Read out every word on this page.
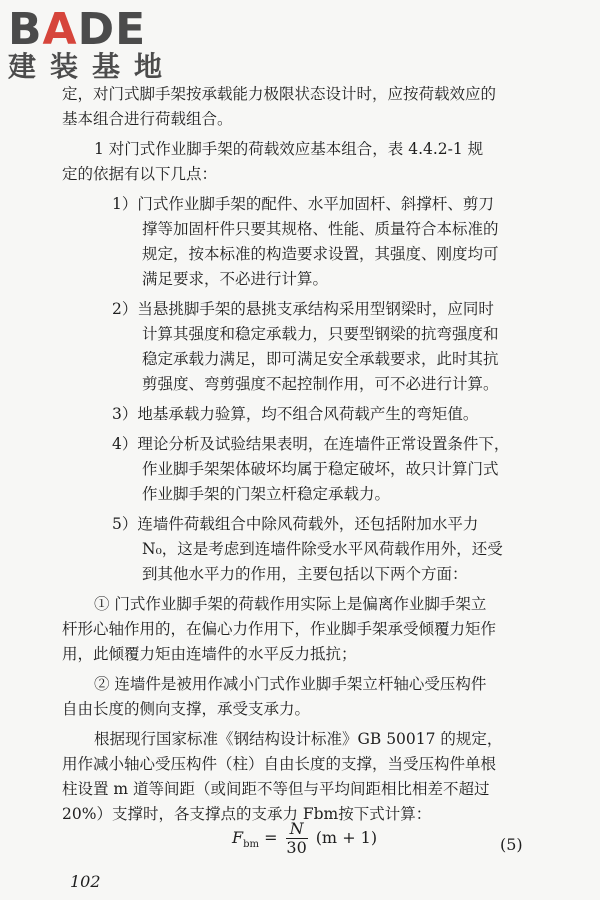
BADE
建装基地
定，对门式脚手架按承载能力极限状态设计时，应按荷载效应的
基本组合进行荷载组合。
1 对门式作业脚手架的荷载效应基本组合，表 4.4.2-1 规
定的依据有以下几点：
1）门式作业脚手架的配件、水平加固杆、斜撑杆、剪刀
撑等加固杆件只要其规格、性能、质量符合本标准的
规定，按本标准的构造要求设置，其强度、刚度均可
满足要求，不必进行计算。
2）当悬挑脚手架的悬挑支承结构采用型钢梁时，应同时
计算其强度和稳定承载力，只要型钢梁的抗弯强度和
稳定承载力满足，即可满足安全承载要求，此时其抗
剪强度、弯剪强度不起控制作用，可不必进行计算。
3）地基承载力验算，均不组合风荷载产生的弯矩值。
4）理论分析及试验结果表明，在连墙件正常设置条件下，
作业脚手架架体破坏均属于稳定破坏，故只计算门式
作业脚手架的门架立杆稳定承载力。
5）连墙件荷载组合中除风荷载外，还包括附加水平力
N₀，这是考虑到连墙件除受水平风荷载作用外，还受
到其他水平力的作用，主要包括以下两个方面：
① 门式作业脚手架的荷载作用实际上是偏离作业脚手架立
杆形心轴作用的，在偏心力作用下，作业脚手架承受倾覆力矩作
用，此倾覆力矩由连墙件的水平反力抵抗；
② 连墙件是被用作减小门式作业脚手架立杆轴心受压构件
自由长度的侧向支撑，承受支承力。
根据现行国家标准《钢结构设计标准》GB 50017 的规定，
用作减小轴心受压构件（柱）自由长度的支撑，当受压构件单根
柱设置 m 道等间距（或间距不等但与平均间距相比相差不超过
20%）支撑时，各支撑点的支承力 Fbm按下式计算：
$F_{bm} = \frac{N}{30} (m + 1)$	(5)
102
